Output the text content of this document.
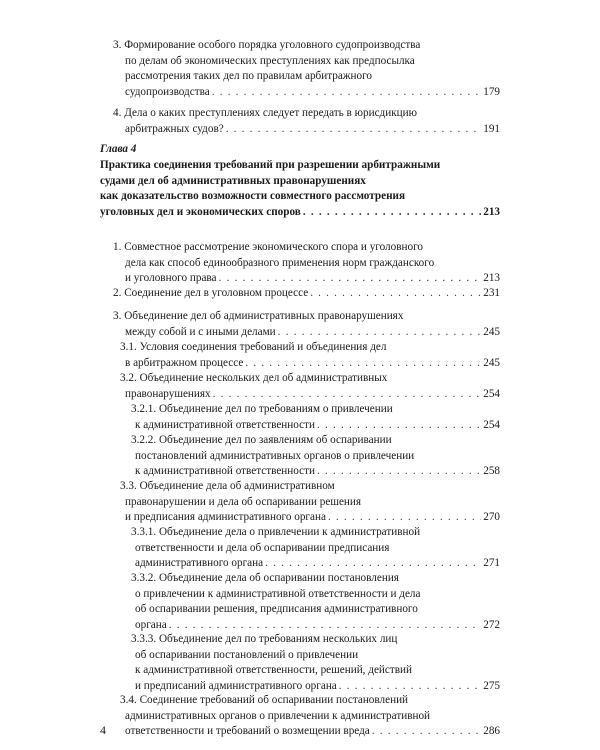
3. Формирование особого порядка уголовного судопроизводства
по делам об экономических преступлениях как предпосылка
рассмотрения таких дел по правилам арбитражного
судопроизводства . . .	179
4. Дела о каких преступлениях следует передать в юрисдикцию
арбитражных судов? . . .	191
Глава 4
Практика соединения требований при разрешении арбитражными
судами дел об административных правонарушениях
как доказательство возможности совместного рассмотрения
уголовных дел и экономических споров . . .	213
1. Совместное рассмотрение экономического спора и уголовного
дела как способ единообразного применения норм гражданского
и уголовного права . . .	213
2. Соединение дел в уголовном процессе . . .	231
3. Объединение дел об административных правонарушениях
между собой и с иными делами . . .	245
3.1. Условия соединения требований и объединения дел
в арбитражном процессе . . .	245
3.2. Объединение нескольких дел об административных
правонарушениях . . .	254
3.2.1. Объединение дел по требованиям о привлечении
к административной ответственности . . .	254
3.2.2. Объединение дел по заявлениям об оспаривании
постановлений административных органов о привлечении
к административной ответственности . . .	258
3.3. Объединение дела об административном
правонарушении и дела об оспаривании решения
и предписания административного органа . . .	270
3.3.1. Объединение дела о привлечении к административной
ответственности и дела об оспаривании предписания
административного органа . . .	271
3.3.2. Объединение дела об оспаривании постановления
о привлечении к административной ответственности и дела
об оспаривании решения, предписания административного
органа . . .	272
3.3.3. Объединение дел по требованиям нескольких лиц
об оспаривании постановлений о привлечении
к административной ответственности, решений, действий
и предписаний административного органа . . .	275
3.4. Соединение требований об оспаривании постановлений
административных органов о привлечении к административной
ответственности и требований о возмещении вреда . . .	286
4
